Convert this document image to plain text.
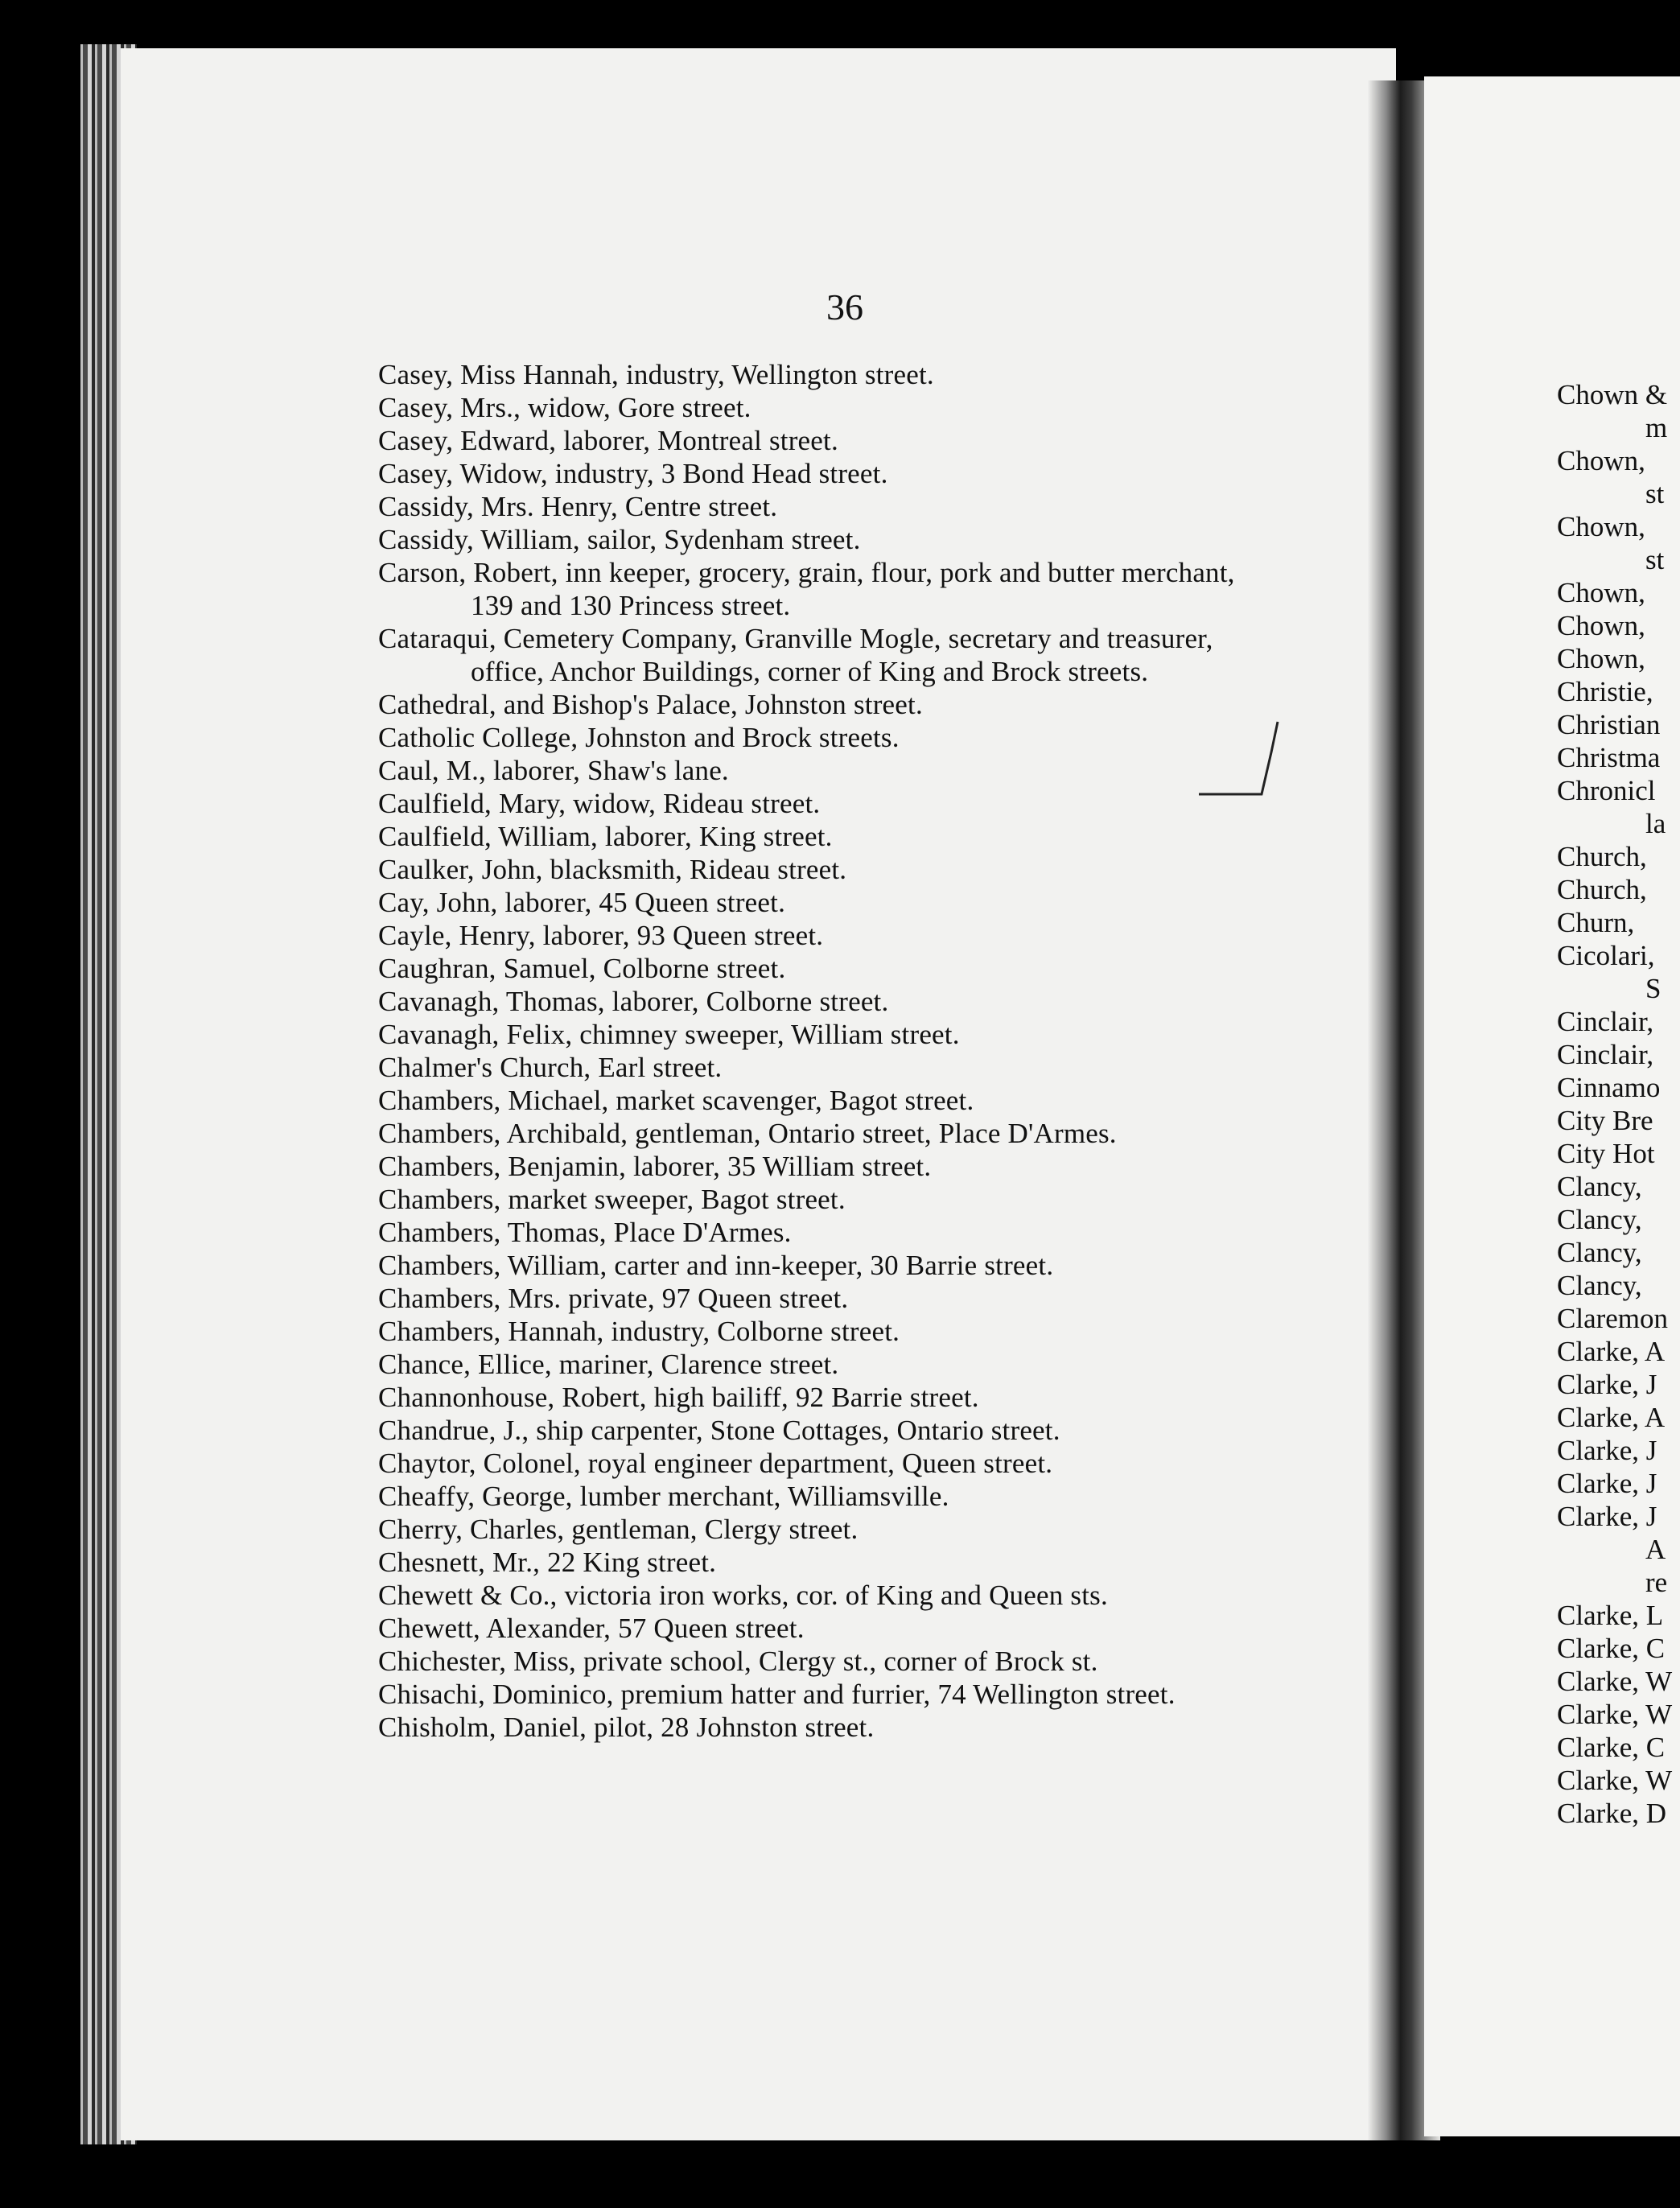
36
Casey, Miss Hannah, industry, Wellington street.
Casey, Mrs., widow, Gore street.
Casey, Edward, laborer, Montreal street.
Casey, Widow, industry, 3 Bond Head street.
Cassidy, Mrs. Henry, Centre street.
Cassidy, William, sailor, Sydenham street.
Carson, Robert, inn keeper, grocery, grain, flour, pork and butter merchant, 139 and 130 Princess street.
Cataraqui, Cemetery Company, Granville Mogle, secretary and treasurer, office, Anchor Buildings, corner of King and Brock streets.
Cathedral, and Bishop's Palace, Johnston street.
Catholic College, Johnston and Brock streets.
Caul, M., laborer, Shaw's lane.
Caulfield, Mary, widow, Rideau street.
Caulfield, William, laborer, King street.
Caulker, John, blacksmith, Rideau street.
Cay, John, laborer, 45 Queen street.
Cayle, Henry, laborer, 93 Queen street.
Caughran, Samuel, Colborne street.
Cavanagh, Thomas, laborer, Colborne street.
Cavanagh, Felix, chimney sweeper, William street.
Chalmer's Church, Earl street.
Chambers, Michael, market scavenger, Bagot street.
Chambers, Archibald, gentleman, Ontario street, Place D'Armes.
Chambers, Benjamin, laborer, 35 William street.
Chambers, market sweeper, Bagot street.
Chambers, Thomas, Place D'Armes.
Chambers, William, carter and inn-keeper, 30 Barrie street.
Chambers, Mrs. private, 97 Queen street.
Chambers, Hannah, industry, Colborne street.
Chance, Ellice, mariner, Clarence street.
Channonhouse, Robert, high bailiff, 92 Barrie street.
Chandrue, J., ship carpenter, Stone Cottages, Ontario street.
Chaytor, Colonel, royal engineer department, Queen street.
Cheaffy, George, lumber merchant, Williamsville.
Cherry, Charles, gentleman, Clergy street.
Chesnett, Mr., 22 King street.
Chewett & Co., victoria iron works, cor. of King and Queen sts.
Chewett, Alexander, 57 Queen street.
Chichester, Miss, private school, Clergy st., corner of Brock st.
Chisachi, Dominico, premium hatter and furrier, 74 Wellington street.
Chisholm, Daniel, pilot, 28 Johnston street.
Chown &
m
Chown,
st
Chown,
st
Chown,
Chown,
Chown,
Christie,
Christian
Christma
Chronicl
la
Church,
Church,
Churn,
Cicolari,
S
Cinclair,
Cinclair,
Cinnamo
City Bre
City Hot
Clancy,
Clancy,
Clancy,
Clancy,
Claremon
Clarke, A
Clarke, J
Clarke, A
Clarke, J
Clarke, J
Clarke, J
A
re
Clarke, L
Clarke, C
Clarke, W
Clarke, W
Clarke, C
Clarke, W
Clarke, D
